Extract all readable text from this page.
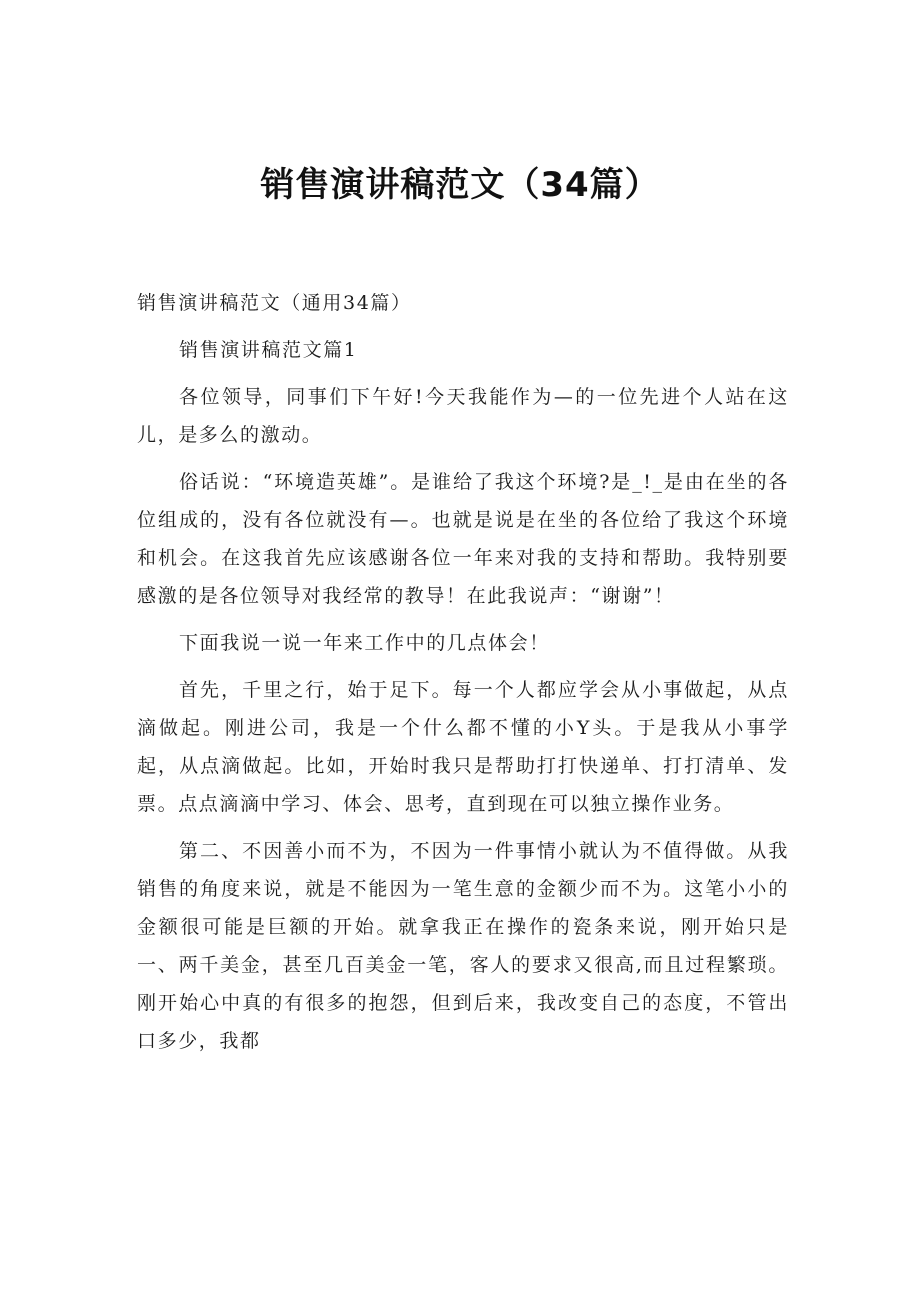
销售演讲稿范文（34篇）

销售演讲稿范文（通用34篇）

销售演讲稿范文篇1

各位领导，同事们下午好!今天我能作为—的一位先进个人站在这儿，是多么的激动。

俗话说：“环境造英雄”。是谁给了我这个环境?是_!_是由在坐的各位组成的，没有各位就没有—。也就是说是在坐的各位给了我这个环境和机会。在这我首先应该感谢各位一年来对我的支持和帮助。我特别要感激的是各位领导对我经常的教导！在此我说声：“谢谢”！

下面我说一说一年来工作中的几点体会！

首先，千里之行，始于足下。每一个人都应学会从小事做起，从点滴做起。刚进公司，我是一个什么都不懂的小Y头。于是我从小事学起，从点滴做起。比如，开始时我只是帮助打打快递单、打打清单、发票。点点滴滴中学习、体会、思考，直到现在可以独立操作业务。

第二、不因善小而不为，不因为一件事情小就认为不值得做。从我销售的角度来说，就是不能因为一笔生意的金额少而不为。这笔小小的金额很可能是巨额的开始。就拿我正在操作的瓷条来说，刚开始只是一、两千美金，甚至几百美金一笔，客人的要求又很高,而且过程繁琐。刚开始心中真的有很多的抱怨，但到后来，我改变自己的态度，不管出口多少，我都
